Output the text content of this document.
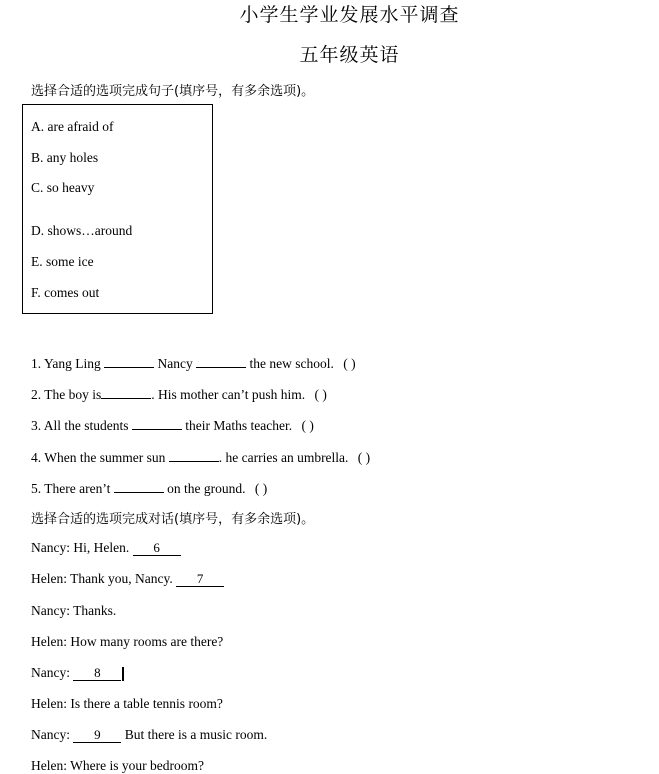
小学生学业发展水平调查
五年级英语
选择合适的选项完成句子(填序号，有多余选项)。
A. are afraid of
B. any holes
C. so heavy
D. shows…around
E. some ice
F. comes out
1. Yang Ling	Nancy	the new school. ( )
2. The boy is	. His mother can’t push him. ( )
3. All the students	their Maths teacher. ( )
4. When the summer sun	. he carries an umbrella. ( )
5. There aren’t	on the ground. ( )
选择合适的选项完成对话(填序号，有多余选项)。
Nancy: Hi, Helen. 6
Helen: Thank you, Nancy. 7
Nancy: Thanks.
Helen: How many rooms are there?
Nancy: 8
Helen: Is there a table tennis room?
Nancy: 9 But there is a music room.
Helen: Where is your bedroom?
